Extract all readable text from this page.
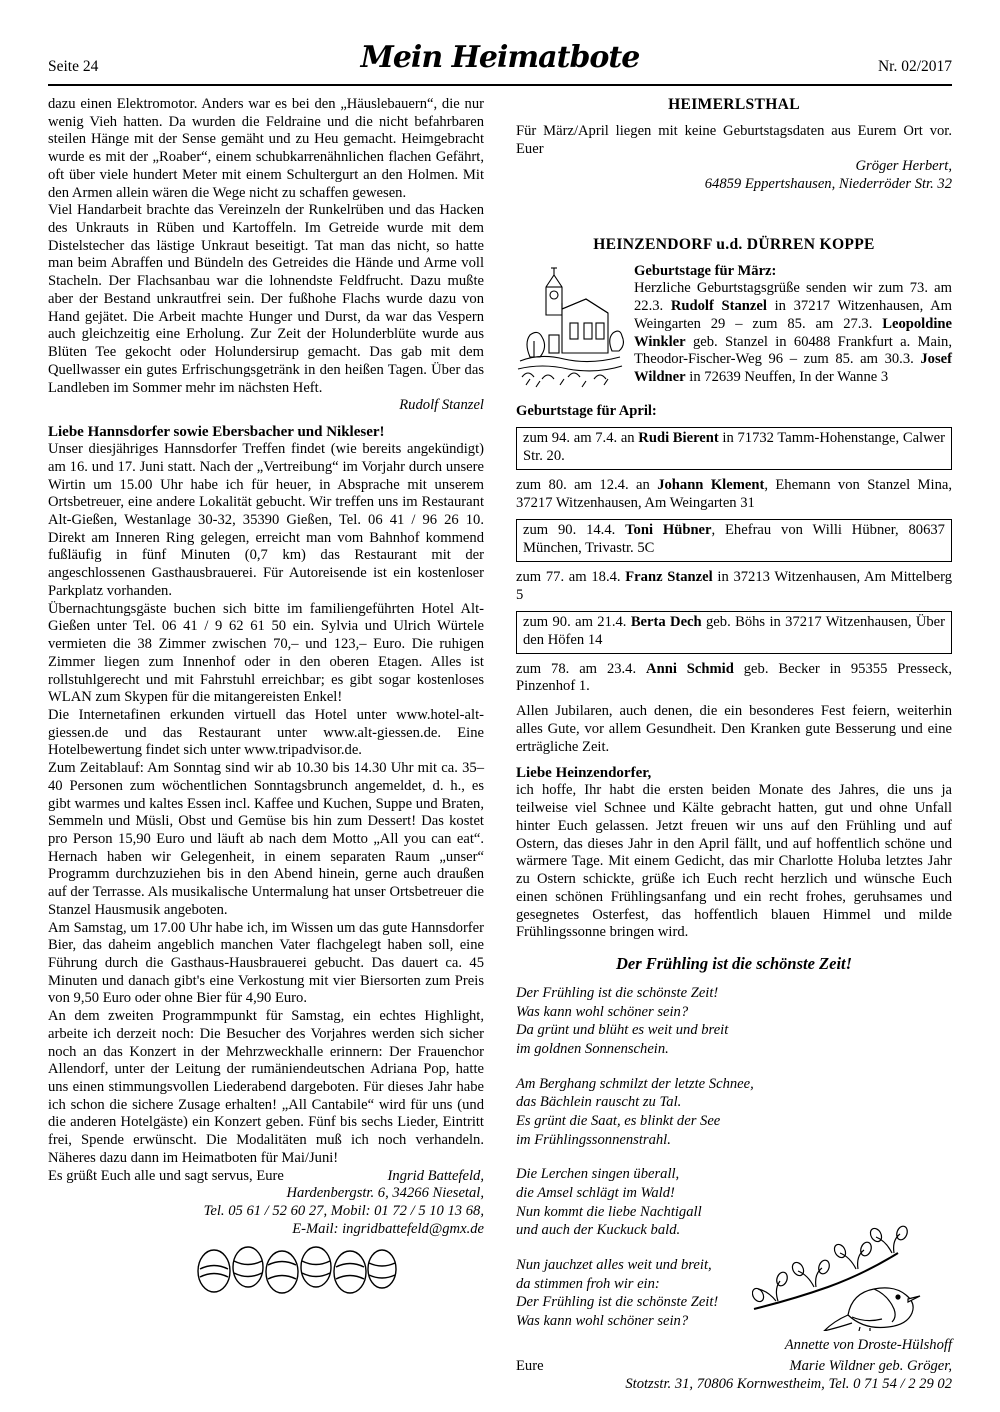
Seite 24	Mein Heimatbote	Nr. 02/2017

dazu einen Elektromotor. Anders war es bei den „Häuslebauern“, die nur wenig Vieh hatten. Da wurden die Feldraine und die nicht befahrbaren steilen Hänge mit der Sense gemäht und zu Heu gemacht. Heimgebracht wurde es mit der „Roaber“, einem schubkarrenähnlichen flachen Gefährt, oft über viele hundert Meter mit einem Schultergurt an den Holmen. Mit den Armen allein wären die Wege nicht zu schaffen gewesen.

Viel Handarbeit brachte das Vereinzeln der Runkelrüben und das Hacken des Unkrauts in Rüben und Kartoffeln. Im Getreide wurde mit dem Distelstecher das lästige Unkraut beseitigt. Tat man das nicht, so hatte man beim Abraffen und Bündeln des Getreides die Hände und Arme voll Stacheln. Der Flachsanbau war die lohnendste Feldfrucht. Dazu mußte aber der Bestand unkrautfrei sein. Der fußhohe Flachs wurde dazu von Hand gejätet. Die Arbeit machte Hunger und Durst, da war das Vespern auch gleichzeitig eine Erholung. Zur Zeit der Holunderblüte wurde aus Blüten Tee gekocht oder Holundersirup gemacht. Das gab mit dem Quellwasser ein gutes Erfrischungsgetränk in den heißen Tagen. Über das Landleben im Sommer mehr im nächsten Heft.

Rudolf Stanzel

Liebe Hannsdorfer sowie Ebersbacher und Nikleser!

Unser diesjähriges Hannsdorfer Treffen findet (wie bereits angekündigt) am 16. und 17. Juni statt. Nach der „Vertreibung“ im Vorjahr durch unsere Wirtin um 15.00 Uhr habe ich für heuer, in Absprache mit unserem Ortsbetreuer, eine andere Lokalität gebucht. Wir treffen uns im Restaurant Alt-Gießen, Westanlage 30-32, 35390 Gießen, Tel. 06 41 / 96 26 10. Direkt am Inneren Ring gelegen, erreicht man vom Bahnhof kommend fußläufig in fünf Minuten (0,7 km) das Restaurant mit der angeschlossenen Gasthausbrauerei. Für Autoreisende ist ein kostenloser Parkplatz vorhanden.

Übernachtungsgäste buchen sich bitte im familiengeführten Hotel Alt-Gießen unter Tel. 06 41 / 9 62 61 50 ein. Sylvia und Ulrich Würtele vermieten die 38 Zimmer zwischen 70,– und 123,– Euro. Die ruhigen Zimmer liegen zum Innenhof oder in den oberen Etagen. Alles ist rollstuhlgerecht und mit Fahrstuhl erreichbar; es gibt sogar kostenloses WLAN zum Skypen für die mitangereisten Enkel!

Die Internetafinen erkunden virtuell das Hotel unter www.hotel-alt-giessen.de und das Restaurant unter www.alt-giessen.de. Eine Hotelbewertung findet sich unter www.tripadvisor.de.

Zum Zeitablauf: Am Sonntag sind wir ab 10.30 bis 14.30 Uhr mit ca. 35–40 Personen zum wöchentlichen Sonntagsbrunch angemeldet, d. h., es gibt warmes und kaltes Essen incl. Kaffee und Kuchen, Suppe und Braten, Semmeln und Müsli, Obst und Gemüse bis hin zum Dessert! Das kostet pro Person 15,90 Euro und läuft ab nach dem Motto „All you can eat“. Hernach haben wir Gelegenheit, in einem separaten Raum „unser“ Programm durchzuziehen bis in den Abend hinein, gerne auch draußen auf der Terrasse. Als musikalische Untermalung hat unser Ortsbetreuer die Stanzel Hausmusik angeboten.

Am Samstag, um 17.00 Uhr habe ich, im Wissen um das gute Hannsdorfer Bier, das daheim angeblich manchen Vater flachgelegt haben soll, eine Führung durch die Gasthaus-Hausbrauerei gebucht. Das dauert ca. 45 Minuten und danach gibt's eine Verkostung mit vier Biersorten zum Preis von 9,50 Euro oder ohne Bier für 4,90 Euro.

An dem zweiten Programmpunkt für Samstag, ein echtes Highlight, arbeite ich derzeit noch: Die Besucher des Vorjahres werden sich sicher noch an das Konzert in der Mehrzweckhalle erinnern: Der Frauenchor Allendorf, unter der Leitung der rumäniendeutschen Adriana Pop, hatte uns einen stimmungsvollen Liederabend dargeboten. Für dieses Jahr habe ich schon die sichere Zusage erhalten! „All Cantabile“ wird für uns (und die anderen Hotelgäste) ein Konzert geben. Fünf bis sechs Lieder, Eintritt frei, Spende erwünscht. Die Modalitäten muß ich noch verhandeln. Näheres dazu dann im Heimatboten für Mai/Juni!

Es grüßt Euch alle und sagt servus, Eure	Ingrid Battefeld,

Hardenbergstr. 6, 34266 Niesetal,

Tel. 05 61 / 52 60 27, Mobil: 01 72 / 5 10 13 68,

E-Mail: ingridbattefeld@gmx.de

HEIMERLSTHAL

Für März/April liegen mit keine Geburtstagsdaten aus Eurem Ort vor. Euer

Gröger Herbert,

64859 Eppertshausen, Niederröder Str. 32

HEINZENDORF u.d. DÜRREN KOPPE

Geburtstage für März:

Herzliche Geburtstagsgrüße senden wir zum 73. am 22.3. Rudolf Stanzel in 37217 Witzenhausen, Am Weingarten 29 – zum 85. am 27.3. Leopoldine Winkler geb. Stanzel in 60488 Frankfurt a. Main, Theodor-Fischer-Weg 96 – zum 85. am 30.3. Josef Wildner in 72639 Neuffen, In der Wanne 3

Geburtstage für April:

zum 94. am 7.4. an Rudi Bierent in 71732 Tamm-Hohenstange, Calwer Str. 20.
zum 80. am 12.4. an Johann Klement, Ehemann von Stanzel Mina, 37217 Witzenhausen, Am Weingarten 31
zum 90. 14.4. Toni Hübner, Ehefrau von Willi Hübner, 80637 München, Trivastr. 5C
zum 77. am 18.4. Franz Stanzel in 37213 Witzenhausen, Am Mittelberg 5
zum 90. am 21.4. Berta Dech geb. Böhs in 37217 Witzenhausen, Über den Höfen 14
zum 78. am 23.4. Anni Schmid geb. Becker in 95355 Presseck, Pinzenhof 1.

Allen Jubilaren, auch denen, die ein besonderes Fest feiern, weiterhin alles Gute, vor allem Gesundheit. Den Kranken gute Besserung und eine erträgliche Zeit.

Liebe Heinzendorfer,

ich hoffe, Ihr habt die ersten beiden Monate des Jahres, die uns ja teilweise viel Schnee und Kälte gebracht hatten, gut und ohne Unfall hinter Euch gelassen. Jetzt freuen wir uns auf den Frühling und auf Ostern, das dieses Jahr in den April fällt, und auf hoffentlich schöne und wärmere Tage. Mit einem Gedicht, das mir Charlotte Holuba letztes Jahr zu Ostern schickte, grüße ich Euch recht herzlich und wünsche Euch einen schönen Frühlingsanfang und ein recht frohes, geruhsames und gesegnetes Osterfest, das hoffentlich blauen Himmel und milde Frühlingssonne bringen wird.

Der Frühling ist die schönste Zeit!

Der Frühling ist die schönste Zeit!
Was kann wohl schöner sein?
Da grünt und blüht es weit und breit
im goldnen Sonnenschein.
Am Berghang schmilzt der letzte Schnee,
das Bächlein rauscht zu Tal.
Es grünt die Saat, es blinkt der See
im Frühlingssonnenstrahl.
Die Lerchen singen überall,
die Amsel schlägt im Wald!
Nun kommt die liebe Nachtigall
und auch der Kuckuck bald.
Nun jauchzet alles weit und breit,
da stimmen froh wir ein:
Der Frühling ist die schönste Zeit!
Was kann wohl schöner sein?

Annette von Droste-Hülshoff

Eure	Marie Wildner geb. Gröger,

Stotzstr. 31, 70806 Kornwestheim, Tel. 0 71 54 / 2 29 02
